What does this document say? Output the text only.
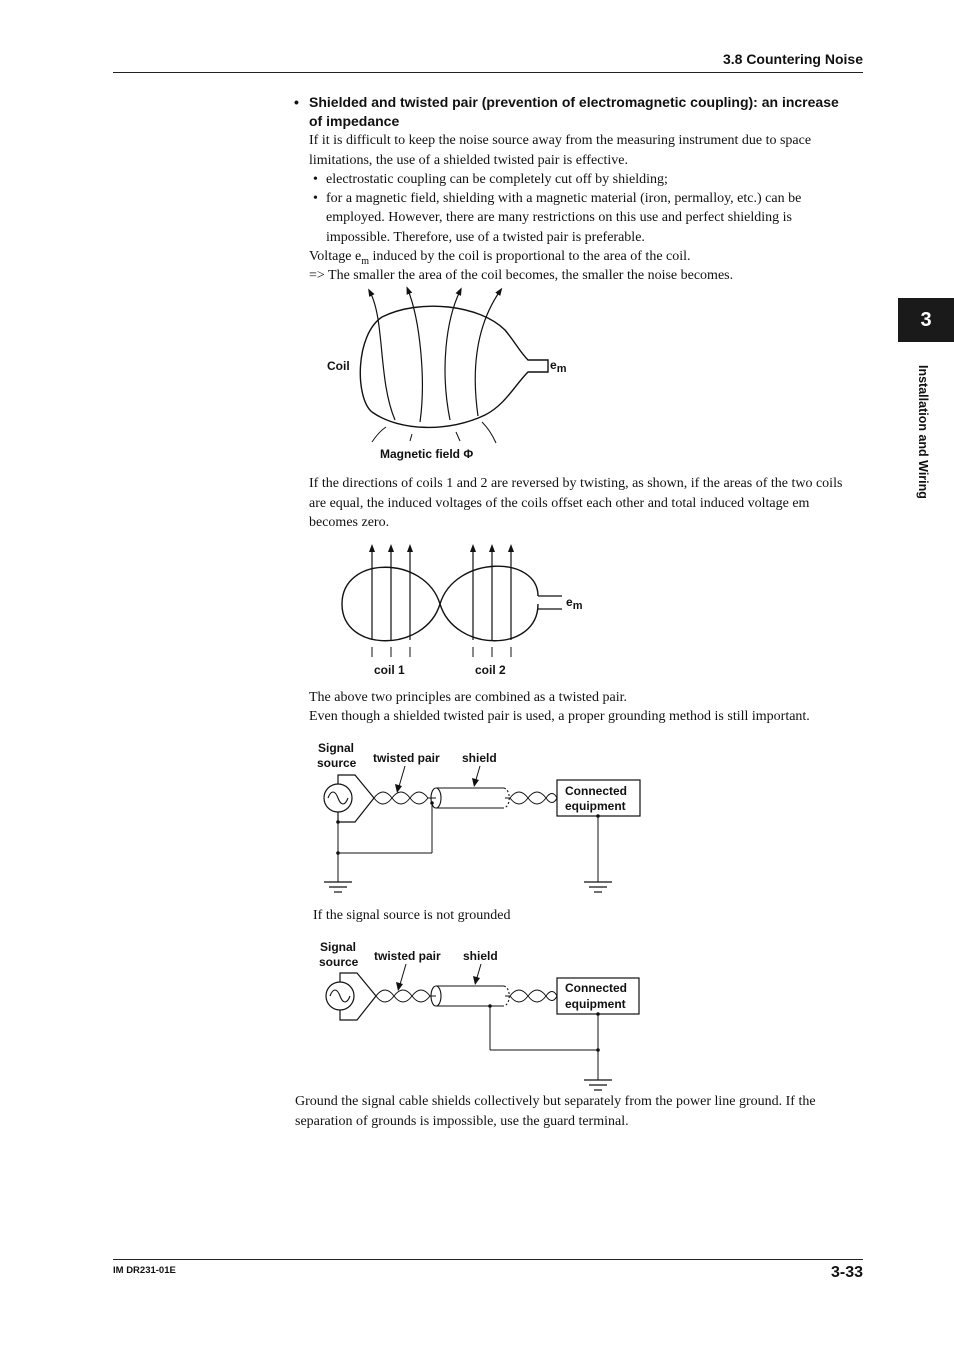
3.8 Countering Noise
3
Installation and Wiring
• Shielded and twisted pair (prevention of electromagnetic coupling): an increase
of impedance
If it is difficult to keep the noise source away from the measuring instrument due to space
limitations, the use of a shielded twisted pair is effective.
• electrostatic coupling can be completely cut off by shielding;
• for a magnetic field, shielding with a magnetic material (iron, permalloy, etc.) can be
employed. However, there are many restrictions on this use and perfect shielding is
impossible. Therefore, use of a twisted pair is preferable.
Voltage $e_m$ induced by the coil is proportional to the area of the coil.
=> The smaller the area of the coil becomes, the smaller the noise becomes.
Coil	em
Magnetic field Φ
If the directions of coils 1 and 2 are reversed by twisting, as shown, if the areas of the two coils
are equal, the induced voltages of the coils offset each other and total induced voltage em
becomes zero.
em
coil 1	coil 2
The above two principles are combined as a twisted pair.
Even though a shielded twisted pair is used, a proper grounding method is still important.
Signal
source twisted pair shield
Connected
equipment
If the signal source is not grounded
Signal
source twisted pair shield
Connected
equipment
Ground the signal cable shields collectively but separately from the power line ground. If the
separation of grounds is impossible, use the guard terminal.
IM DR231-01E	3-33
